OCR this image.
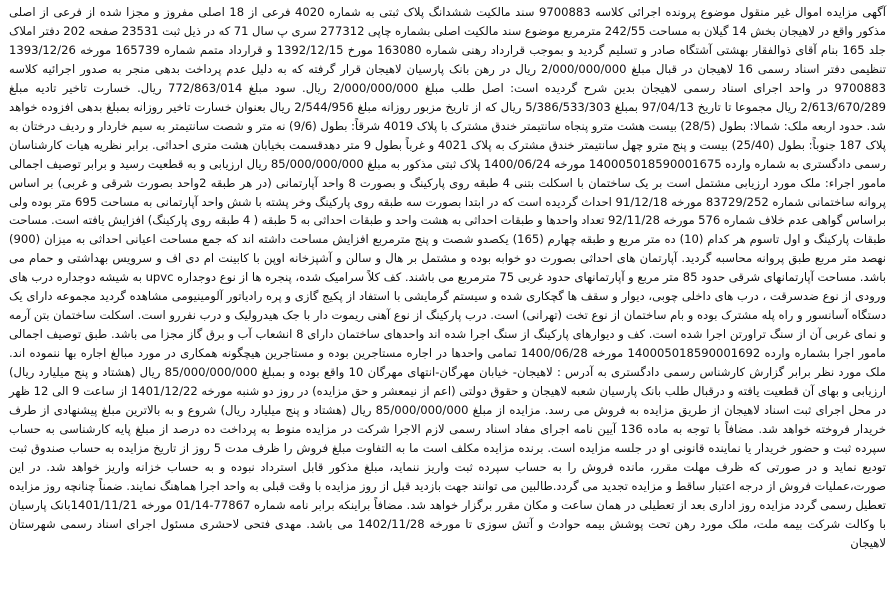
آگهی مزایده اموال غیر منقول موضوع پرونده اجرائی کلاسه 9700883 سند مالکیت ششدانگ پلاک ثبتی به شماره 4020 فرعی از 18 اصلی مفروز و مجزا شده از فرعی از اصلی مذکور واقع در لاهیجان بخش 14 گیلان به مساحت 242/55 مترمربع موضوع سند مالکیت اصلی بشماره چاپی 277312 سری پ سال 71 که در ذیل ثبت 23531 صفحه 202 دفتر املاک جلد 165 بنام آقای ذوالفقار بهشتی آشتگاه صادر و تسلیم گردید و بموجب قرارداد رهنی شماره 163080 مورخ 1392/12/15 و قرارداد متمم شماره 165739 مورخه 1393/12/26 تنظیمی دفتر اسناد رسمی 16 لاهیجان در قبال مبلغ 2/000/000/000 ریال در رهن بانک پارسیان لاهیجان قرار گرفته که به دلیل عدم پرداخت بدهی منجر به صدور اجرائیه کلاسه 9700883 در واحد اجرای اسناد رسمی لاهیجان بدین شرح گردیده است: اصل طلب مبلغ 2/000/000/000 ریال. سود مبلغ 772/863/014 ریال. خسارت تاخیر تادیه مبلغ 2/613/670/289 ریال مجموعا تا تاریخ 97/04/13 بمبلغ 5/386/533/303 ریال که از تاریخ مزبور روزانه مبلغ 2/544/956 ریال بعنوان خسارت تاخیر روزانه بمبلغ بدهی افزوده خواهد شد. حدود اربعه ملک: شمالا: بطول (28/5) بیست هشت مترو پنجاه سانتیمتر خندق مشترک با پلاک 4019 شرقاً: بطول (9/6) نه متر و شصت سانتیمتر به سیم خاردار و ردیف درختان به پلاک 187 جنوباً: بطول (25/40) بیست و پنج مترو چهل سانتیمتر خندق مشترک به پلاک 4021 و غرباً بطول 9 متر دهدقسمت بخیابان هشت متری احداثی. برابر نظریه هیات کارشناسان رسمی دادگستری به شماره وارده 140005018590001675 مورخه 1400/06/24 پلاک ثبتی مذکور به مبلغ 85/000/000/000 ریال ارزیابی و به قطعیت رسید و برابر توصیف اجمالی مامور اجراء: ملک مورد ارزیابی مشتمل است بر یک ساختمان با اسکلت بتنی 4 طبقه روی پارکینگ و بصورت 8 واحد آپارتمانی (در هر طبقه 2واحد بصورت شرقی و غربی) بر اساس پروانه ساختمانی شماره 83729/252 مورخه 91/12/18 احداث گردیده است که در ابتدا بصورت سه طبقه روی پارکینگ وخر پشته با شش واحد آپارتمانی به مساحت 695 متر بوده ولی براساس گواهی عدم خلاف شماره 576 مورخه 92/11/28 تعداد واحدها و طبقات احداثی به هشت واحد و طبقات احداثی به 5 طبقه ( 4 طبقه روی پارکینگ) افزایش یافته است. مساحت طبقات پارکینگ و اول تاسوم هر کدام (10) ده متر مربع و طبقه چهارم (165) یکصدو شصت و پنج مترمربع افزایش مساحت داشته اند که جمع مساحت اعیانی احداثی به میزان (900) نهصد متر مربع طبق پروانه محاسبه گردید. آپارتمان های احداثی بصورت دو خوابه بوده و مشتمل بر هال و سالن و آشپزخانه اوپن با کابینت ام دی اف و سرویس بهداشتی و حمام می باشد. مساحت آپارتمانهای شرقی حدود 85 متر مربع و آپارتمانهای حدود غربی 75 مترمربع می باشند. کف کلاً سرامیک شده، پنجره ها از نوع دوجداره upvc به شیشه دوجداره درب های ورودی از نوع ضدسرقت ، درب های داخلی چوبی، دیوار و سقف ها گچکاری شده و سیستم گرمایشی با استفاد از پکیج گازی و پره رادیاتور آلومینیومی مشاهده گردید مجموعه دارای یک دستگاه آسانسور و راه پله مشترک بوده و بام ساختمان از نوع تخت (تهرانی) است. درب پارکینگ از نوع آهنی ریموت دار با جک هیدرولیک و درب نفررو است. اسکلت ساختمان بتن آرمه و نمای غربی آن از سنگ تراورتن اجرا شده است. کف و دیوارهای پارکینگ از سنگ اجرا شده اند واحدهای ساختمان دارای 8 انشعاب آب و برق گاز مجزا می باشد. طبق توصیف اجمالی مامور اجرا بشماره وارده 140005018590001692 مورخه 1400/06/28 تمامی واحدها در اجاره مستاجرین بوده و مستاجرین هیچگونه همکاری در مورد مبالغ اجاره بها ننموده اند. ملک مورد نظر برابر گزارش کارشناس رسمی دادگستری به آدرس : لاهیجان- خیابان مهرگان-انتهای مهرگان 10 واقع بوده و بمبلغ 85/000/000/000 ریال (هشتاد و پنج میلیارد ریال) ارزیابی و بهای آن قطعیت یافته و درقبال طلب بانک پارسیان شعبه لاهیجان و حقوق دولتی (اعم از نیمعشر و حق مزایده) در روز دو شنبه مورخه 1401/12/22 از ساعت 9 الی 12 ظهر در محل اجرای ثبت اسناد لاهیجان از طریق مزایده به فروش می رسد. مزایده از مبلغ 85/000/000/000 ریال (هشتاد و پنج میلیارد ریال) شروع و به بالاترین مبلغ پیشنهادی از طرف خریدار فروخته خواهد شد. مضافاً با توجه به ماده 136 آیین نامه اجرای مفاد اسناد رسمی لازم الاجرا شرکت در مزایده منوط به پرداخت ده درصد از مبلغ پایه کارشناسی به حساب سپرده ثبت و حضور خریدار یا نماینده قانونی او در جلسه مزایده است. برنده مزایده مکلف است ما به التفاوت مبلغ فروش را ظرف مدت 5 روز از تاریخ مزایده به حساب صندوق ثبت تودیع نماید و در صورتی که ظرف مهلت مقرر، مانده فروش را به حساب سپرده ثبت واریز ننماید، مبلغ مذکور قابل استرداد نبوده و به حساب خزانه واریز خواهد شد. در این صورت،عملیات فروش از درجه اعتبار ساقط و مزایده تجدید می گردد.طالبین می توانند جهت بازدید قبل از روز مزایده با وقت قبلی به واحد اجرا هماهنگ نمایند. ضمناً چنانچه روز مزایده تعطیل رسمی گردد مزایده روز اداری بعد از تعطیلی در همان ساعت و مکان مقرر برگزار خواهد شد. مضافاً براینکه برابر نامه شماره 77867-01/14 مورخه 1401/11/21بانک پارسیان با وکالت شرکت بیمه ملت، ملک مورد رهن تحت پوشش بیمه حوادث و آتش سوزی تا مورخه 1402/11/28 می باشد. مهدی فتحی لاحشری مسئول اجرای اسناد رسمی شهرستان لاهیجان
